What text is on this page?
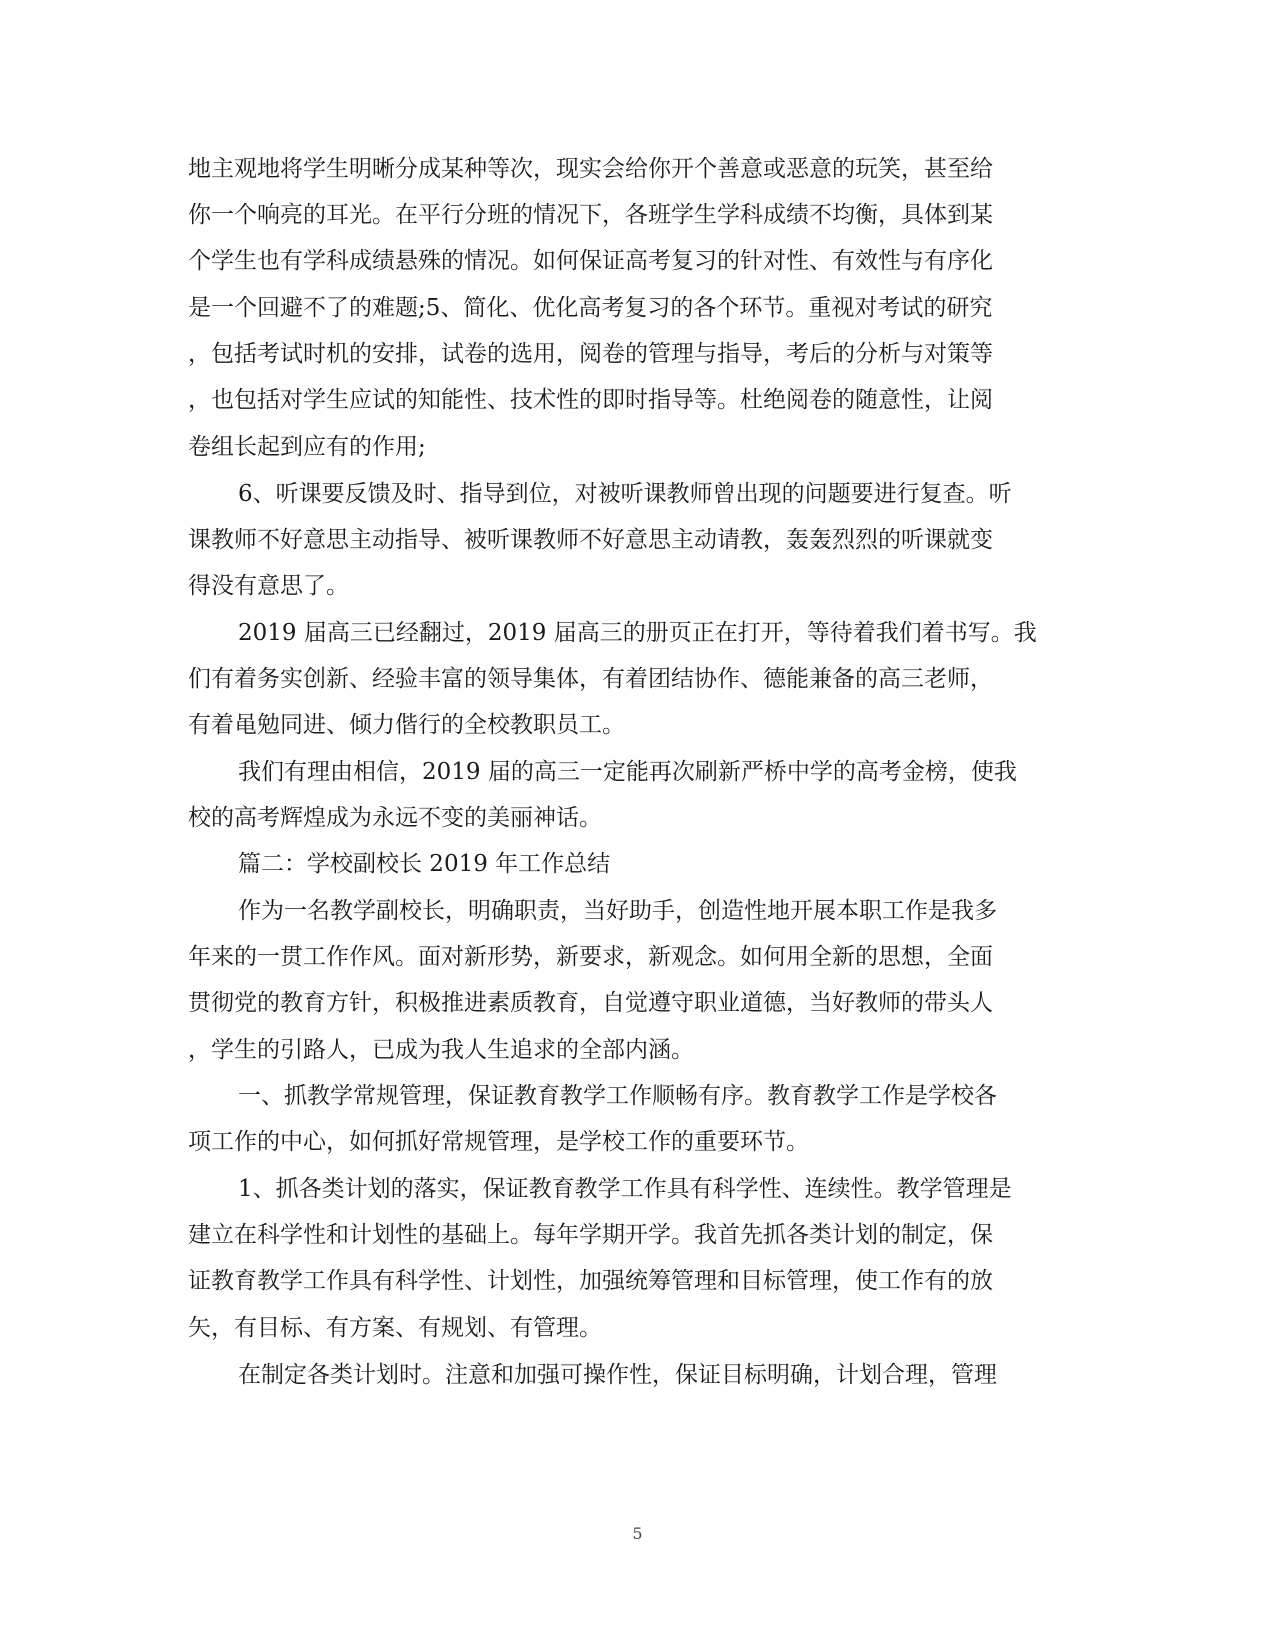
地主观地将学生明晰分成某种等次，现实会给你开个善意或恶意的玩笑，甚至给
你一个响亮的耳光。在平行分班的情况下，各班学生学科成绩不均衡，具体到某
个学生也有学科成绩悬殊的情况。如何保证高考复习的针对性、有效性与有序化
是一个回避不了的难题;5、简化、优化高考复习的各个环节。重视对考试的研究
，包括考试时机的安排，试卷的选用，阅卷的管理与指导，考后的分析与对策等
，也包括对学生应试的知能性、技术性的即时指导等。杜绝阅卷的随意性，让阅
卷组长起到应有的作用;
6、听课要反馈及时、指导到位，对被听课教师曾出现的问题要进行复查。听
课教师不好意思主动指导、被听课教师不好意思主动请教，轰轰烈烈的听课就变
得没有意思了。
2019 届高三已经翻过，2019 届高三的册页正在打开，等待着我们着书写。我
们有着务实创新、经验丰富的领导集体，有着团结协作、德能兼备的高三老师，
有着黾勉同进、倾力偕行的全校教职员工。
我们有理由相信，2019 届的高三一定能再次刷新严桥中学的高考金榜，使我
校的高考辉煌成为永远不变的美丽神话。
篇二：学校副校长 2019 年工作总结
作为一名教学副校长，明确职责，当好助手，创造性地开展本职工作是我多
年来的一贯工作作风。面对新形势，新要求，新观念。如何用全新的思想，全面
贯彻党的教育方针，积极推进素质教育，自觉遵守职业道德，当好教师的带头人
，学生的引路人，已成为我人生追求的全部内涵。
一、抓教学常规管理，保证教育教学工作顺畅有序。教育教学工作是学校各
项工作的中心，如何抓好常规管理，是学校工作的重要环节。
1、抓各类计划的落实，保证教育教学工作具有科学性、连续性。教学管理是
建立在科学性和计划性的基础上。每年学期开学。我首先抓各类计划的制定，保
证教育教学工作具有科学性、计划性，加强统筹管理和目标管理，使工作有的放
矢，有目标、有方案、有规划、有管理。
在制定各类计划时。注意和加强可操作性，保证目标明确，计划合理，管理
5
